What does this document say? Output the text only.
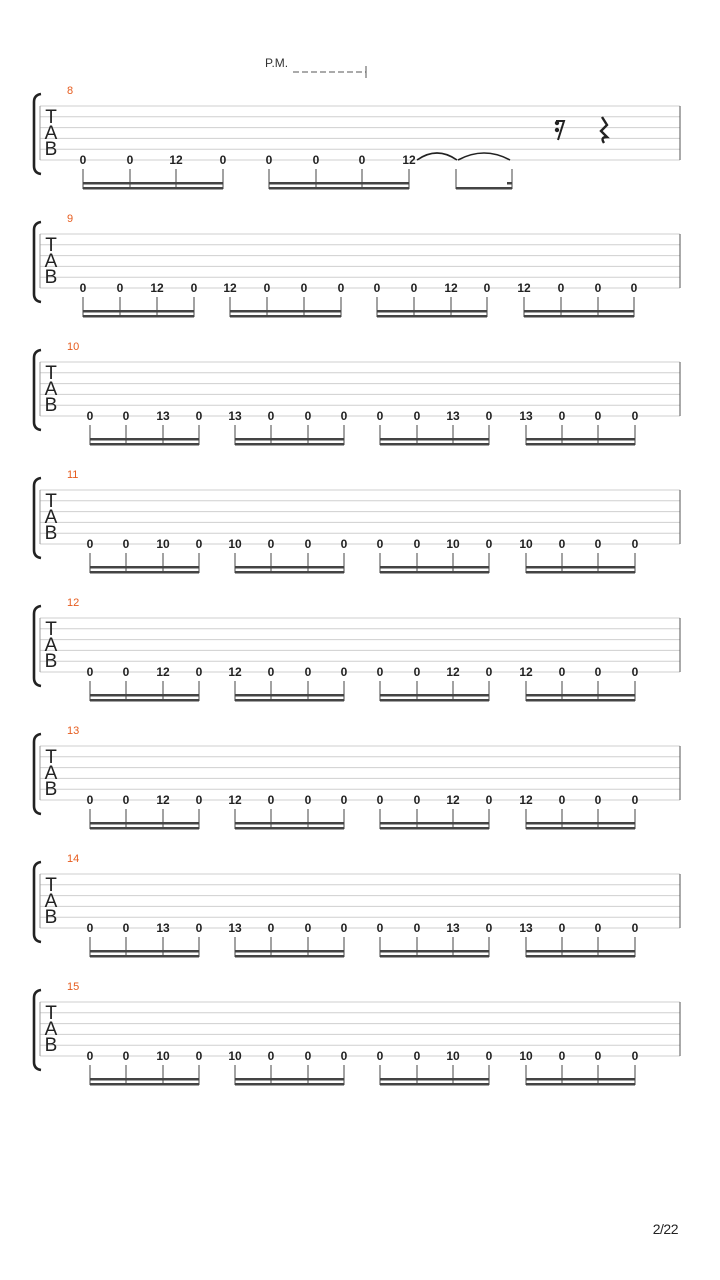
P.M.
8
T
A
B 0	0	12	0	0	0	0	12
9
T
A
B 0	0 12 0 12 0	0	0 0	0 12 0 12 0	0 0
10
T
A
B 0 0 13 0 13 0	0 0 0	0 13 0 13 0 0	0
11
T
A
B 0 0 10 0 10 0	0 0 0	0 10 0 10 0 0	0
12
T
A
B 0 0 12 0 12 0	0 0 0	0 12 0 12 0 0	0
13
T
A
B 0 0 12 0 12 0	0 0 0	0 12 0 12 0 0	0
14
T
A
B 0 0 13 0 13 0	0 0 0	0 13 0 13 0 0	0
15
T
A
B 0 0 10 0 10 0	0 0 0	0 10 0 10 0 0	0
2/22
